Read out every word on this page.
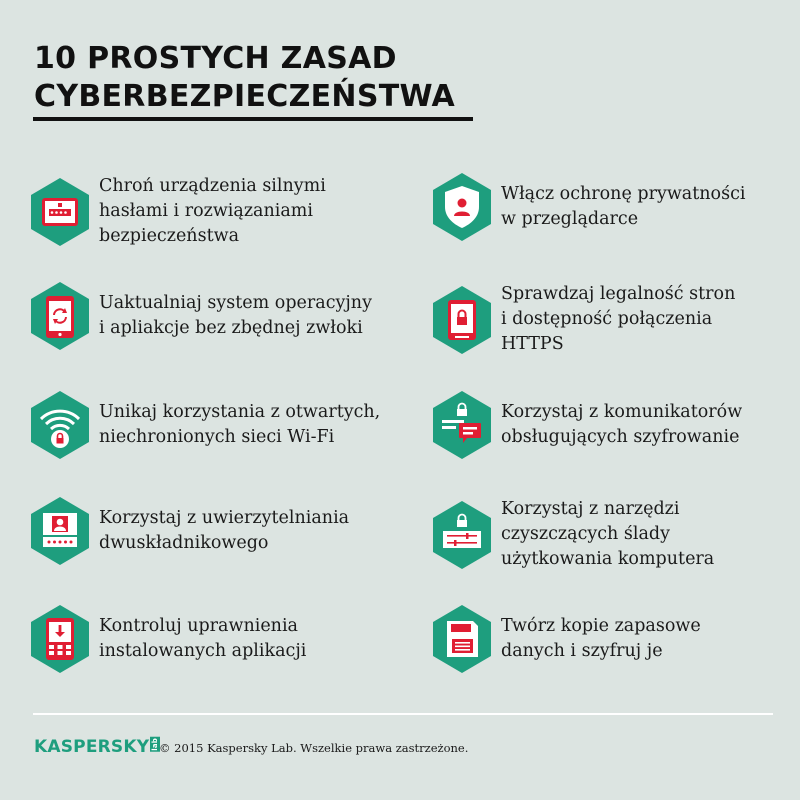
10 PROSTYCH ZASAD
CYBERBEZPIECZEŃSTWA
Chroń urządzenia silnymi
hasłami i rozwiązaniami
bezpieczeństwa
Włącz ochronę prywatności
w przeglądarce
Uaktualniaj system operacyjny
i apliakcje bez zbędnej zwłoki
Sprawdzaj legalność stron
i dostępność połączenia
HTTPS
Unikaj korzystania z otwartych,
niechronionych sieci Wi-Fi
Korzystaj z komunikatorów
obsługujących szyfrowanie
Korzystaj z uwierzytelniania
dwuskładnikowego
Korzystaj z narzędzi
czyszczących ślady
użytkowania komputera
Kontroluj uprawnienia
instalowanych aplikacji
Twórz kopie zapasowe
danych i szyfruj je
KASPERSKY lab © 2015 Kaspersky Lab. Wszelkie prawa zastrzeżone.
